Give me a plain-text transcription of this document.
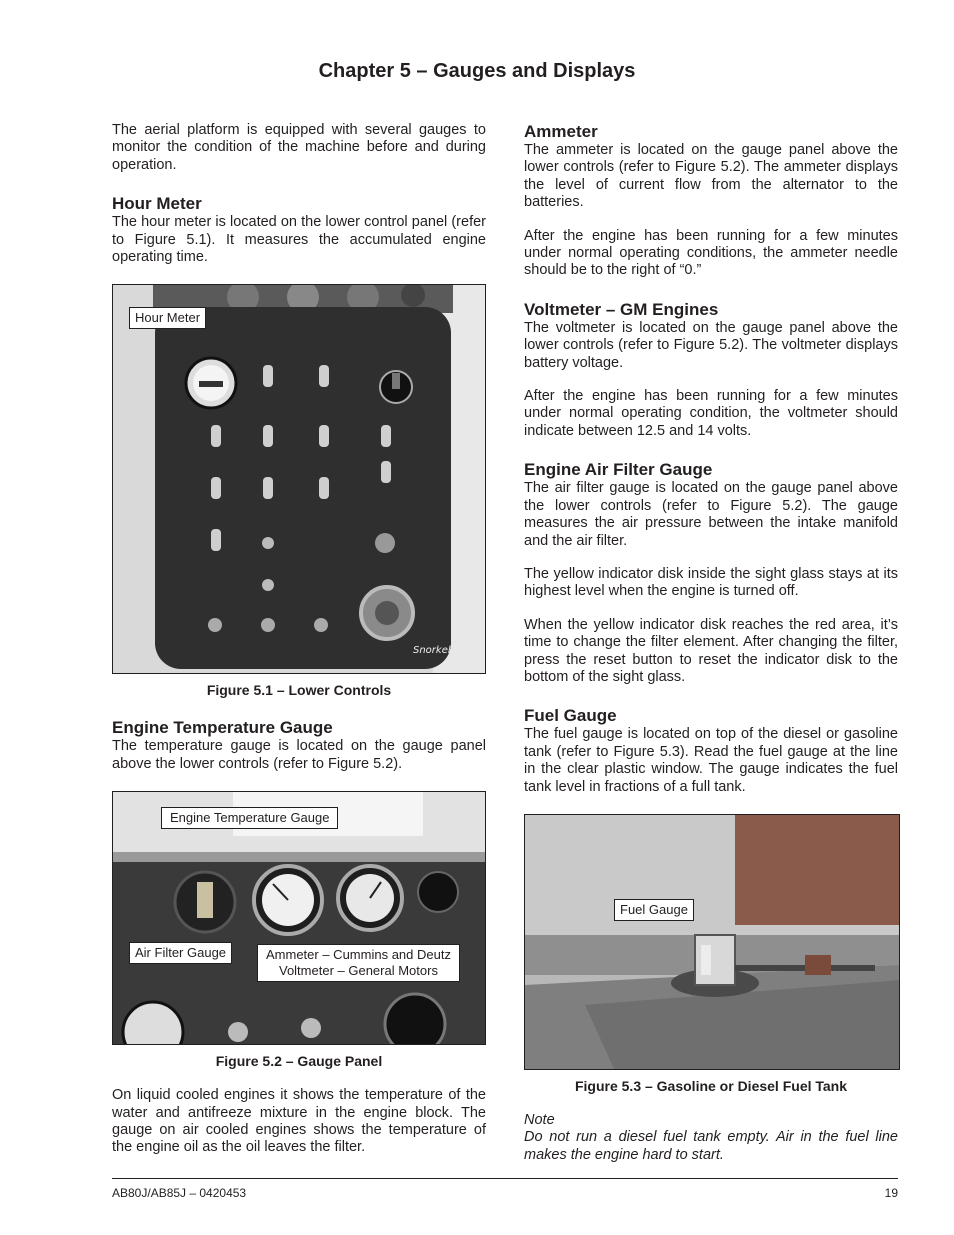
Chapter 5 – Gauges and Displays

The aerial platform is equipped with several gauges to monitor the condition of the machine before and during operation.

Hour Meter

The hour meter is located on the lower control panel (refer to Figure 5.1). It measures the accumulated engine operating time.

Snorkel
Hour Meter
Figure 5.1 – Lower Controls
Engine Temperature Gauge

The temperature gauge is located on the gauge panel above the lower controls (refer to Figure 5.2).

Engine Temperature Gauge
Air Filter Gauge	Ammeter – Cummins and Deutz
Voltmeter – General Motors
Figure 5.2 – Gauge Panel

On liquid cooled engines it shows the temperature of the water and antifreeze mixture in the engine block. The gauge on air cooled engines shows the temperature of the engine oil as the oil leaves the filter.

Ammeter

The ammeter is located on the gauge panel above the lower controls (refer to Figure 5.2). The ammeter displays the level of current flow from the alternator to the batteries.

After the engine has been running for a few minutes under normal operating conditions, the ammeter needle should be to the right of “0.”

Voltmeter – GM Engines

The voltmeter is located on the gauge panel above the lower controls (refer to Figure 5.2). The voltmeter displays battery voltage.

After the engine has been running for a few minutes under normal operating condition, the voltmeter should indicate between 12.5 and 14 volts.

Engine Air Filter Gauge

The air filter gauge is located on the gauge panel above the lower controls (refer to Figure 5.2). The gauge measures the air pressure between the intake manifold and the air filter.

The yellow indicator disk inside the sight glass stays at its highest level when the engine is turned off.

When the yellow indicator disk reaches the red area, it’s time to change the filter element. After changing the filter, press the reset button to reset the indicator disk to the bottom of the sight glass.

Fuel Gauge

The fuel gauge is located on top of the diesel or gasoline tank (refer to Figure 5.3). Read the fuel gauge at the line in the clear plastic window. The gauge indicates the fuel tank level in fractions of a full tank.

Fuel Gauge
Figure 5.3 – Gasoline or Diesel Fuel Tank

Note

Do not run a diesel fuel tank empty. Air in the fuel line makes the engine hard to start.

AB80J/AB85J – 0420453	19
